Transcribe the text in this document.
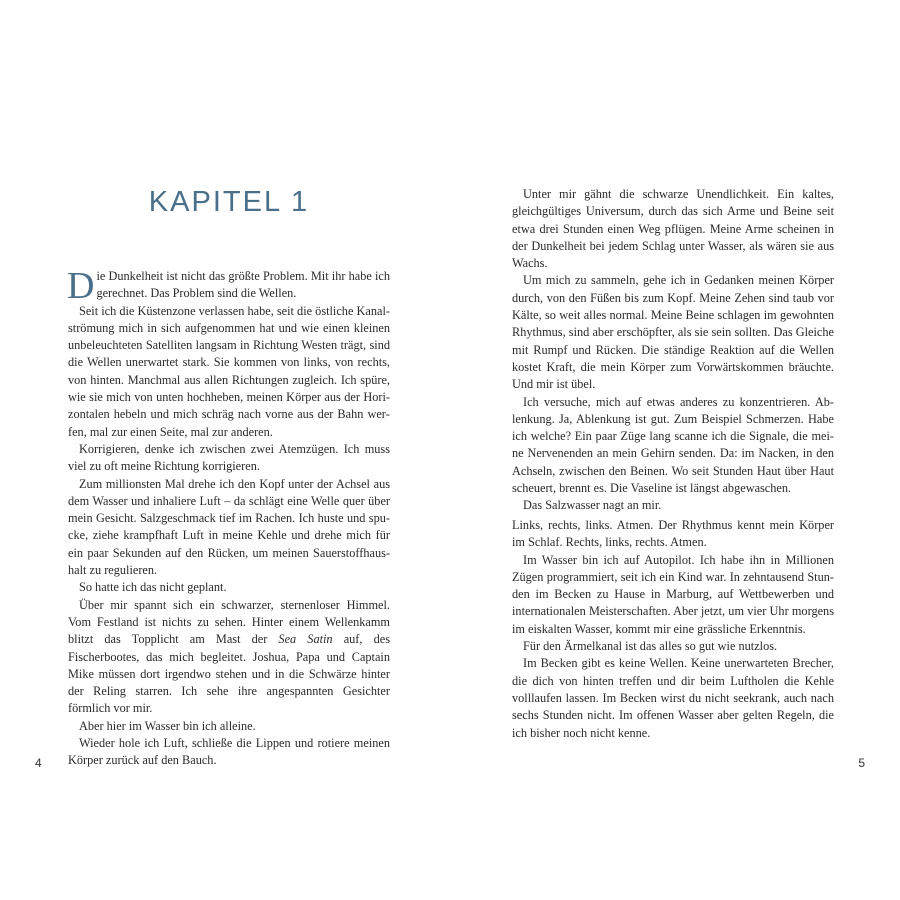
KAPITEL 1

Die Dunkelheit ist nicht das größte Problem. Mit ihr habe ich gerechnet. Das Problem sind die Wellen.

Seit ich die Küstenzone verlassen habe, seit die östliche Kanalströmung mich in sich aufgenommen hat und wie einen kleinen unbeleuchteten Satelliten langsam in Richtung Westen trägt, sind die Wellen unerwartet stark. Sie kommen von links, von rechts, von hinten. Manchmal aus allen Richtungen zugleich. Ich spüre, wie sie mich von unten hochheben, meinen Körper aus der Horizontalen hebeln und mich schräg nach vorne aus der Bahn werfen, mal zur einen Seite, mal zur anderen.

Korrigieren, denke ich zwischen zwei Atemzügen. Ich muss viel zu oft meine Richtung korrigieren.

Zum millionsten Mal drehe ich den Kopf unter der Achsel aus dem Wasser und inhaliere Luft – da schlägt eine Welle quer über mein Gesicht. Salzgeschmack tief im Rachen. Ich huste und spucke, ziehe krampfhaft Luft in meine Kehle und drehe mich für ein paar Sekunden auf den Rücken, um meinen Sauerstoffhaushalt zu regulieren.

So hatte ich das nicht geplant.

Über mir spannt sich ein schwarzer, sternenloser Himmel. Vom Festland ist nichts zu sehen. Hinter einem Wellenkamm blitzt das Topplicht am Mast der Sea Satin auf, des Fischerbootes, das mich begleitet. Joshua, Papa und Captain Mike müssen dort irgendwo stehen und in die Schwärze hinter der Reling starren. Ich sehe ihre angespannten Gesichter förmlich vor mir.

Aber hier im Wasser bin ich alleine.

Wieder hole ich Luft, schließe die Lippen und rotiere meinen Körper zurück auf den Bauch.

4

Unter mir gähnt die schwarze Unendlichkeit. Ein kaltes, gleichgültiges Universum, durch das sich Arme und Beine seit etwa drei Stunden einen Weg pflügen. Meine Arme scheinen in der Dunkelheit bei jedem Schlag unter Wasser, als wären sie aus Wachs.

Um mich zu sammeln, gehe ich in Gedanken meinen Körper durch, von den Füßen bis zum Kopf. Meine Zehen sind taub vor Kälte, so weit alles normal. Meine Beine schlagen im gewohnten Rhythmus, sind aber erschöpfter, als sie sein sollten. Das Gleiche mit Rumpf und Rücken. Die ständige Reaktion auf die Wellen kostet Kraft, die mein Körper zum Vorwärtskommen bräuchte. Und mir ist übel.

Ich versuche, mich auf etwas anderes zu konzentrieren. Ablenkung. Ja, Ablenkung ist gut. Zum Beispiel Schmerzen. Habe ich welche? Ein paar Züge lang scanne ich die Signale, die meine Nervenenden an mein Gehirn senden. Da: im Nacken, in den Achseln, zwischen den Beinen. Wo seit Stunden Haut über Haut scheuert, brennt es. Die Vaseline ist längst abgewaschen.

Das Salzwasser nagt an mir.

Links, rechts, links. Atmen. Der Rhythmus kennt mein Körper im Schlaf. Rechts, links, rechts. Atmen.

Im Wasser bin ich auf Autopilot. Ich habe ihn in Millionen Zügen programmiert, seit ich ein Kind war. In zehntausend Stunden im Becken zu Hause in Marburg, auf Wettbewerben und internationalen Meisterschaften. Aber jetzt, um vier Uhr morgens im eiskalten Wasser, kommt mir eine grässliche Erkenntnis.

Für den Ärmelkanal ist das alles so gut wie nutzlos.

Im Becken gibt es keine Wellen. Keine unerwarteten Brecher, die dich von hinten treffen und dir beim Luftholen die Kehle volllaufen lassen. Im Becken wirst du nicht seekrank, auch nach sechs Stunden nicht. Im offenen Wasser aber gelten Regeln, die ich bisher noch nicht kenne.

5
